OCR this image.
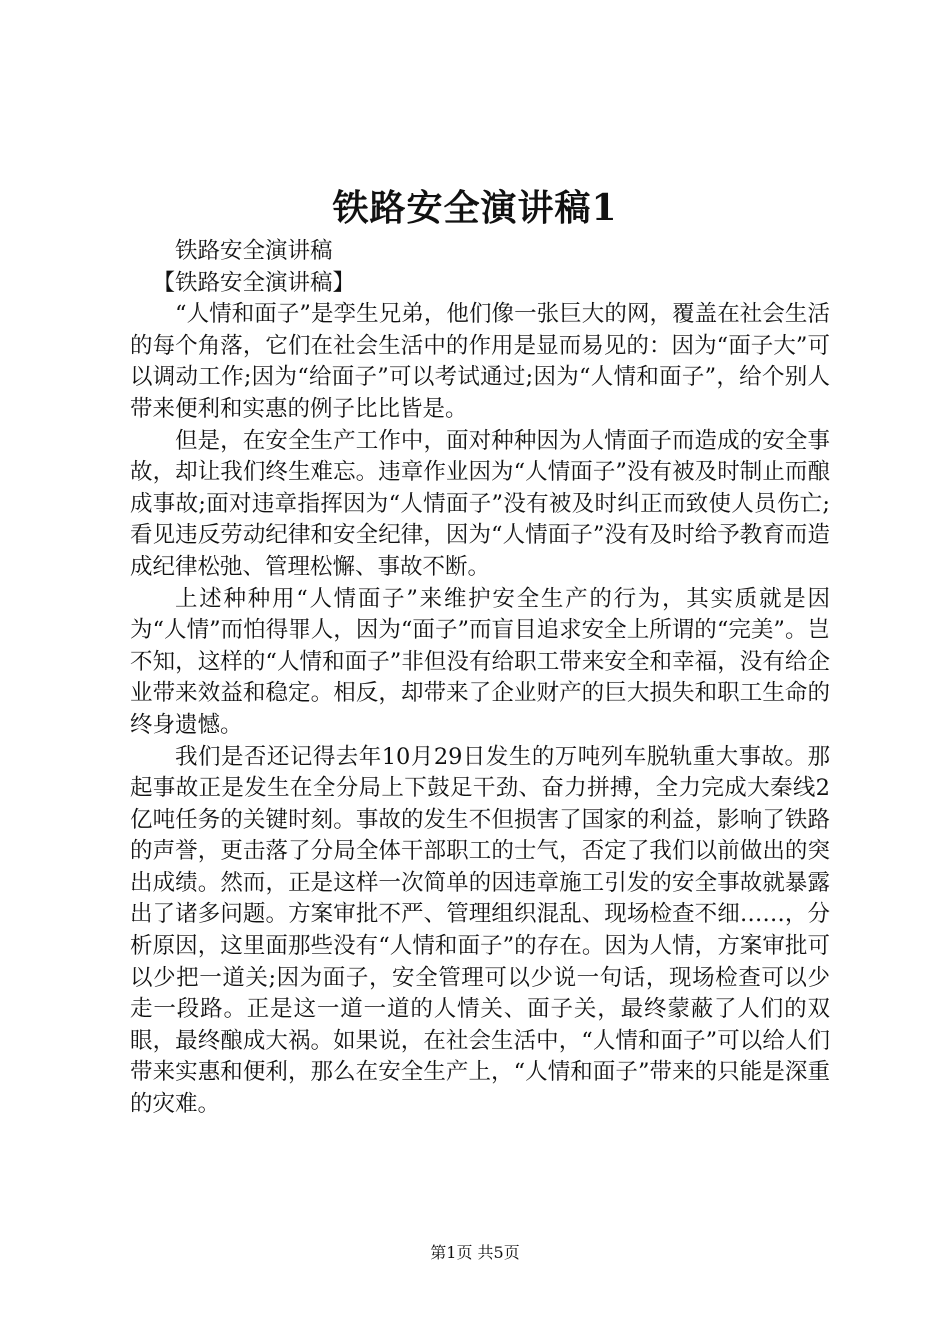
铁路安全演讲稿1

铁路安全演讲稿

【铁路安全演讲稿】

“人情和面子”是孪生兄弟，他们像一张巨大的网，覆盖在社会生活的每个角落，它们在社会生活中的作用是显而易见的：因为“面子大”可以调动工作;因为“给面子”可以考试通过;因为“人情和面子”，给个别人带来便利和实惠的例子比比皆是。

但是，在安全生产工作中，面对种种因为人情面子而造成的安全事故，却让我们终生难忘。违章作业因为“人情面子”没有被及时制止而酿成事故;面对违章指挥因为“人情面子”没有被及时纠正而致使人员伤亡;看见违反劳动纪律和安全纪律，因为“人情面子”没有及时给予教育而造成纪律松弛、管理松懈、事故不断。

上述种种用“人情面子”来维护安全生产的行为，其实质就是因为“人情”而怕得罪人，因为“面子”而盲目追求安全上所谓的“完美”。岂不知，这样的“人情和面子”非但没有给职工带来安全和幸福，没有给企业带来效益和稳定。相反，却带来了企业财产的巨大损失和职工生命的终身遗憾。

我们是否还记得去年10月29日发生的万吨列车脱轨重大事故。那起事故正是发生在全分局上下鼓足干劲、奋力拼搏，全力完成大秦线2亿吨任务的关键时刻。事故的发生不但损害了国家的利益，影响了铁路的声誉，更击落了分局全体干部职工的士气，否定了我们以前做出的突出成绩。然而，正是这样一次简单的因违章施工引发的安全事故就暴露出了诸多问题。方案审批不严、管理组织混乱、现场检查不细……，分析原因，这里面那些没有“人情和面子”的存在。因为人情，方案审批可以少把一道关;因为面子，安全管理可以少说一句话，现场检查可以少走一段路。正是这一道一道的人情关、面子关，最终蒙蔽了人们的双眼，最终酿成大祸。如果说，在社会生活中，“人情和面子”可以给人们带来实惠和便利，那么在安全生产上，“人情和面子”带来的只能是深重的灾难。

第1页 共5页
